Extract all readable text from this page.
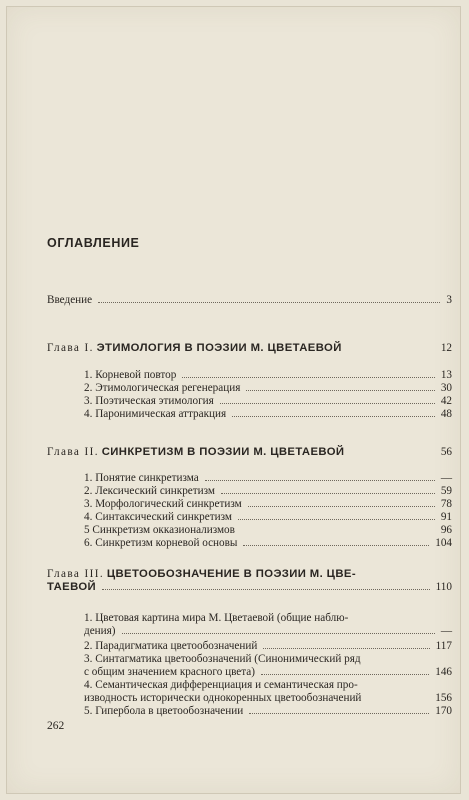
ОГЛАВЛЕНИЕ
Введение	3
Глава I. ЭТИМОЛОГИЯ В ПОЭЗИИ М. ЦВЕТАЕВОЙ	12
1. Корневой повтор	13
2. Этимологическая регенерация	30
3. Поэтическая этимология	42
4. Паронимическая аттракция	48
Глава II. СИНКРЕТИЗМ В ПОЭЗИИ М. ЦВЕТАЕВОЙ	56
1. Понятие синкретизма	—
2. Лексический синкретизм	59
3. Морфологический синкретизм	78
4. Синтаксический синкретизм	91
5 Синкретизм окказионализмов	96
6. Синкретизм корневой основы	104
Глава III. ЦВЕТООБОЗНАЧЕНИЕ В ПОЭЗИИ М. ЦВЕ-
ТАЕВОЙ	110
1. Цветовая картина мира М. Цветаевой (общие наблю-
дения)	—
2. Парадигматика цветообозначений	117
3. Синтагматика цветообозначений (Синонимический ряд
с общим значением красного цвета)	146
4. Семантическая дифференциация и семантическая про-
изводность исторически однокоренных цветообозначений	156
5. Гипербола в цветообозначении	170
262
